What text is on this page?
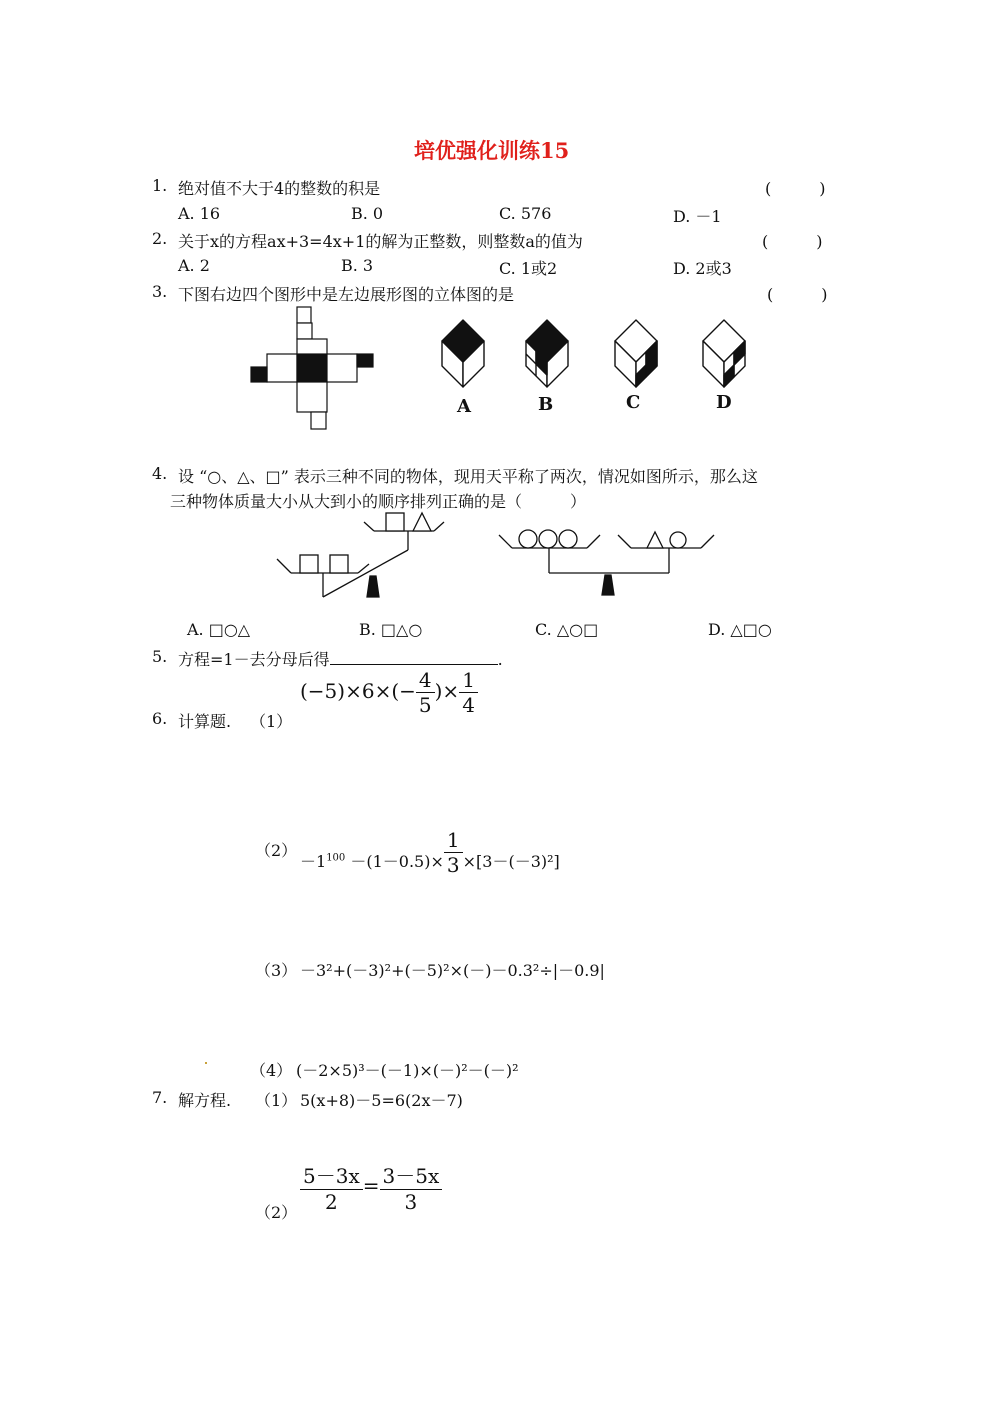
培优强化训练15
1. 绝对值不大于4的整数的积是	(　　　)
A. 16	B. 0	C. 576	D. －1
2. 关于x的方程ax+3=4x+1的解为正整数，则整数a的值为	(　　　)
A. 2	B. 3	C. 1或2	D. 2或3
3. 下图右边四个图形中是左边展形图的立体图的是	(　　　)
A	B	C	D
4. 设 “○、△、□” 表示三种不同的物体，现用天平称了两次，情况如图所示，那么这
三种物体质量大小从大到小的顺序排列正确的是（　　　）
A. □○△	B. □△○	C. △○□	D. △□○
5. 方程=1－去分母后得	.
6. 计算题. （1）
$(-5)\times 6\times(- \frac{4}{5}$ )× $\frac{1}{4}$
（2）
$-1^{100} -(1-0.5)\times \frac{1}{3} \times[3-(-3)^2]$
（3） －3²+(－3)²+(－5)²×(－)－0.3²÷|－0.9|
（4） (－2×5)³－(－1)×(－)²－(－)²
7. 解方程. （1） 5(x+8)－5=6(2x－7)
$(2) \frac{5-3x}{2} = \frac{3-5x}{3}$
